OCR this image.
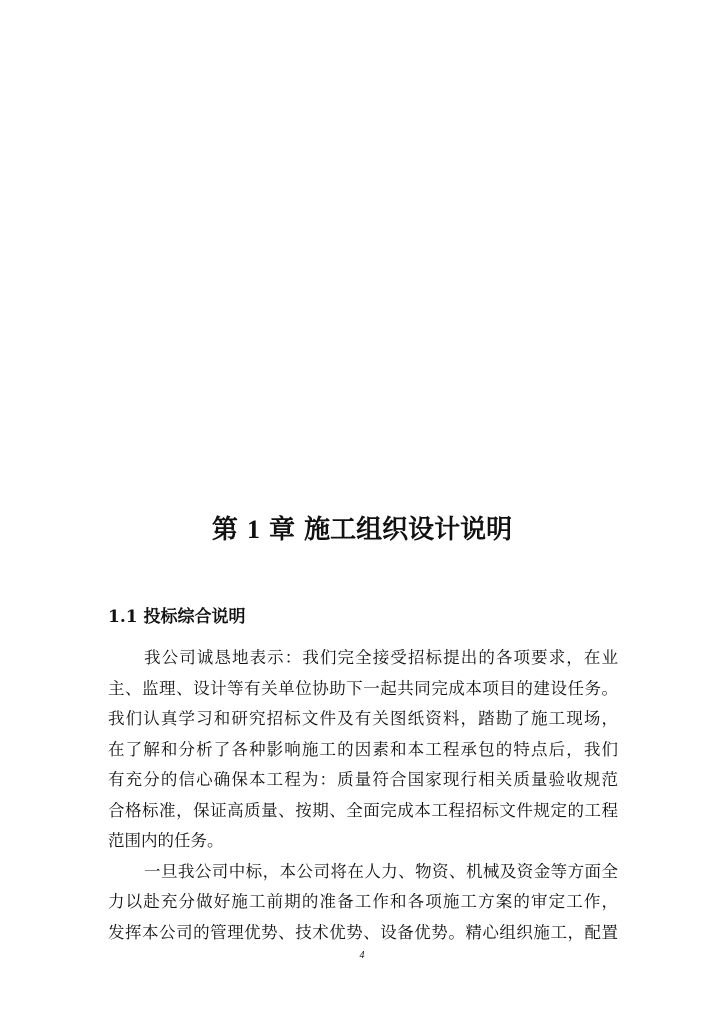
第 1 章 施工组织设计说明
1.1 投标综合说明
我公司诚恳地表示：我们完全接受招标提出的各项要求，在业
主、监理、设计等有关单位协助下一起共同完成本项目的建设任务。
我们认真学习和研究招标文件及有关图纸资料，踏勘了施工现场，
在了解和分析了各种影响施工的因素和本工程承包的特点后，我们
有充分的信心确保本工程为：质量符合国家现行相关质量验收规范
合格标准，保证高质量、按期、全面完成本工程招标文件规定的工程
范围内的任务。
一旦我公司中标，本公司将在人力、物资、机械及资金等方面全
力以赴充分做好施工前期的准备工作和各项施工方案的审定工作，
发挥本公司的管理优势、技术优势、设备优势。精心组织施工，配置
4
